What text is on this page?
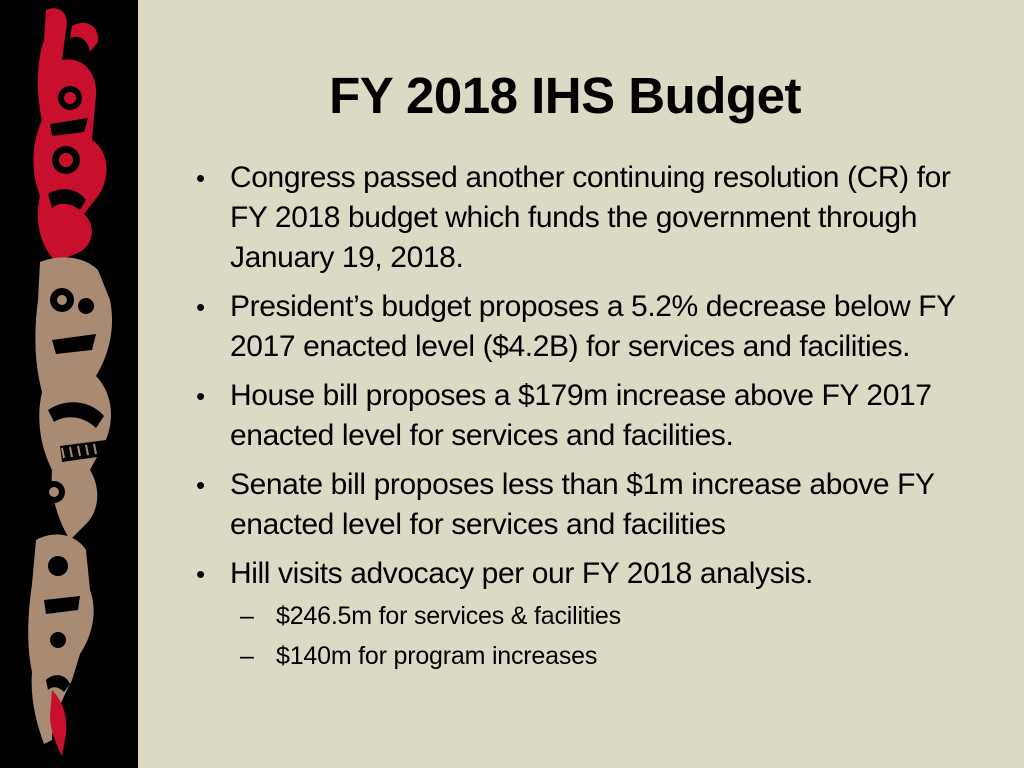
FY 2018 IHS Budget
• Congress passed another continuing resolution (CR) for FY 2018 budget which funds the government through January 19, 2018.
• President’s budget proposes a 5.2% decrease below FY 2017 enacted level ($4.2B) for services and facilities.
• House bill proposes a $179m increase above FY 2017 enacted level for services and facilities.
• Senate bill proposes less than $1m increase above FY enacted level for services and facilities
• Hill visits advocacy per our FY 2018 analysis.
– $246.5m for services & facilities
– $140m for program increases
